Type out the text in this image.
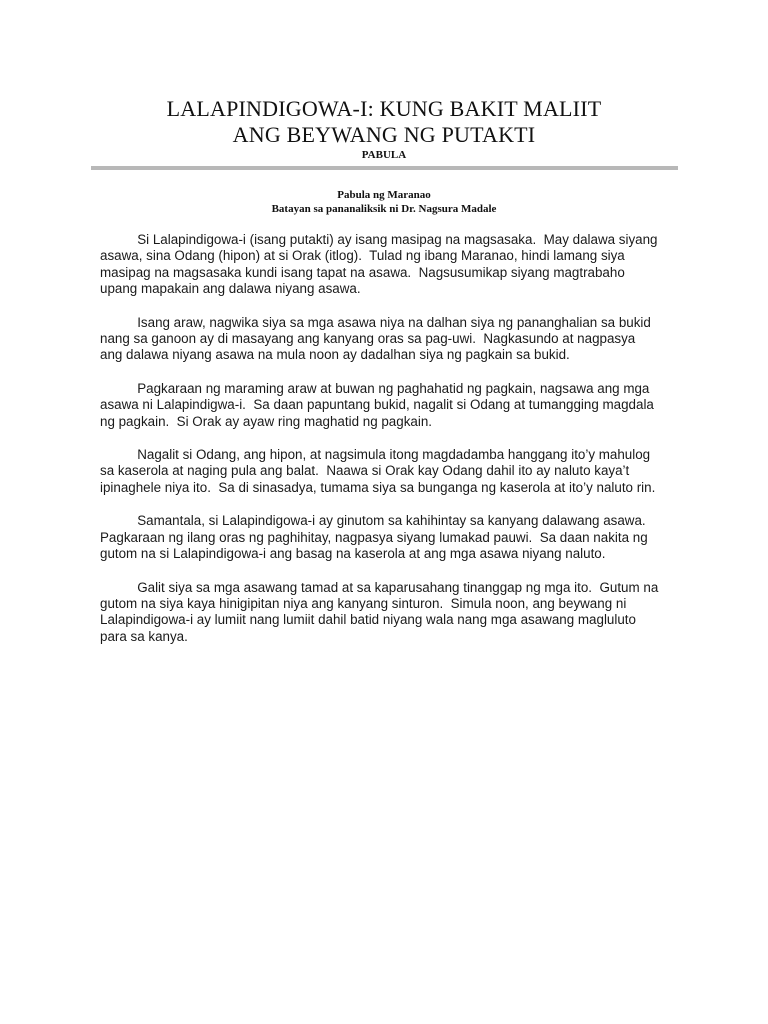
LALAPINDIGOWA-I: KUNG BAKIT MALIIT
ANG BEYWANG NG PUTAKTI
PABULA
Pabula ng Maranao
Batayan sa pananaliksik ni Dr. Nagsura Madale

Si Lalapindigowa-i (isang putakti) ay isang masipag na magsasaka.  May dalawa siyang
asawa, sina Odang (hipon) at si Orak (itlog).  Tulad ng ibang Maranao, hindi lamang siya
masipag na magsasaka kundi isang tapat na asawa.  Nagsusumikap siyang magtrabaho
upang mapakain ang dalawa niyang asawa.

Isang araw, nagwika siya sa mga asawa niya na dalhan siya ng pananghalian sa bukid
nang sa ganoon ay di masayang ang kanyang oras sa pag-uwi.  Nagkasundo at nagpasya
ang dalawa niyang asawa na mula noon ay dadalhan siya ng pagkain sa bukid.

Pagkaraan ng maraming araw at buwan ng paghahatid ng pagkain, nagsawa ang mga
asawa ni Lalapindigwa-i.  Sa daan papuntang bukid, nagalit si Odang at tumangging magdala
ng pagkain.  Si Orak ay ayaw ring maghatid ng pagkain.

Nagalit si Odang, ang hipon, at nagsimula itong magdadamba hanggang ito’y mahulog
sa kaserola at naging pula ang balat.  Naawa si Orak kay Odang dahil ito ay naluto kaya’t
ipinaghele niya ito.  Sa di sinasadya, tumama siya sa bunganga ng kaserola at ito’y naluto rin.

Samantala, si Lalapindigowa-i ay ginutom sa kahihintay sa kanyang dalawang asawa.
Pagkaraan ng ilang oras ng paghihitay, nagpasya siyang lumakad pauwi.  Sa daan nakita ng
gutom na si Lalapindigowa-i ang basag na kaserola at ang mga asawa niyang naluto.

Galit siya sa mga asawang tamad at sa kaparusahang tinanggap ng mga ito.  Gutum na
gutom na siya kaya hinigipitan niya ang kanyang sinturon.  Simula noon, ang beywang ni
Lalapindigowa-i ay lumiit nang lumiit dahil batid niyang wala nang mga asawang magluluto
para sa kanya.
